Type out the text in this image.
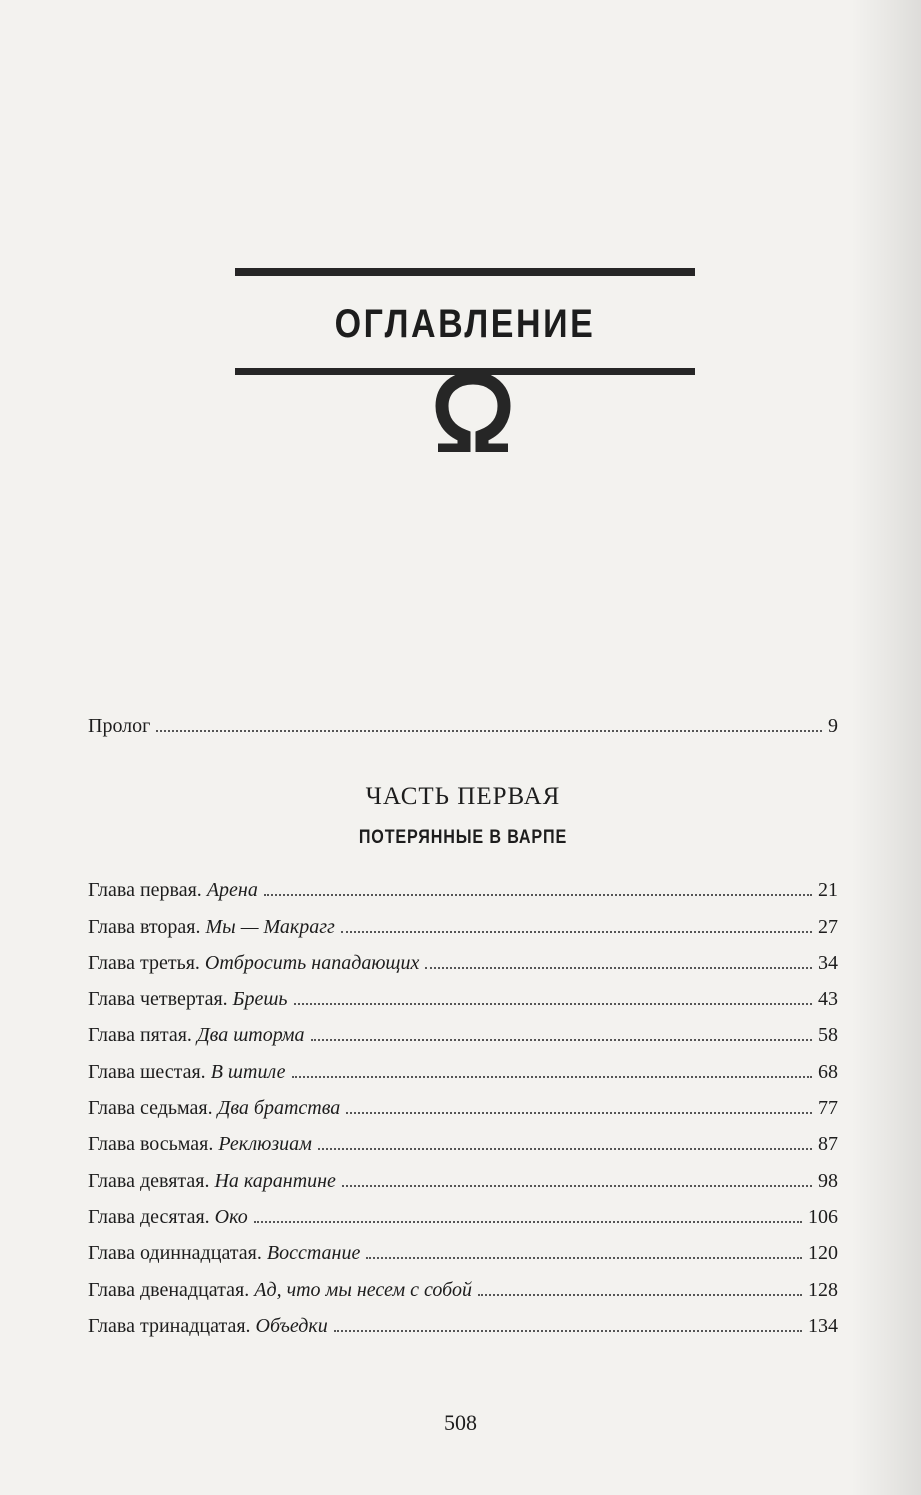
ОГЛАВЛЕНИЕ
Пролог	9
ЧАСТЬ ПЕРВАЯ
ПОТЕРЯННЫЕ В ВАРПЕ
Глава первая. Арена	21
Глава вторая. Мы — Макрагг	27
Глава третья. Отбросить нападающих	34
Глава четвертая. Брешь	43
Глава пятая. Два шторма	58
Глава шестая. В штиле	68
Глава седьмая. Два братства	77
Глава восьмая. Реклюзиам	87
Глава девятая. На карантине	98
Глава десятая. Око	106
Глава одиннадцатая. Восстание	120
Глава двенадцатая. Ад, что мы несем с собой	128
Глава тринадцатая. Объедки	134
508
